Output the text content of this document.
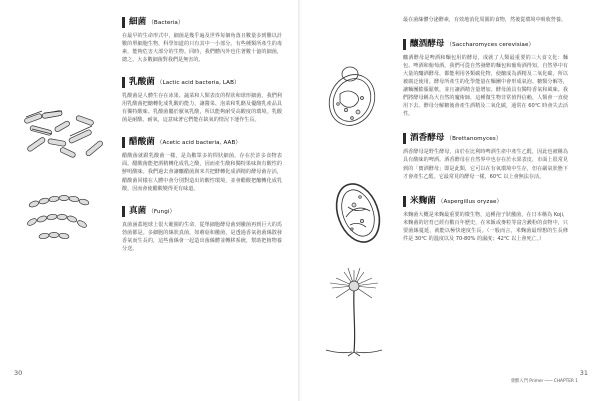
細菌 （Bacteria）

在最早的生命形式中，細菌是幾乎遍及世界每個角落且數量多到難以計數的單細胞生物，科學知道的只有其中一小部分。有些種類所產生的毒素，能夠危害大部分的生物。同時，我們體內外也住著數十億的細菌，總之，大多數細菌對我們是無害的。

乳酸菌 （Lactic acid bacteria, LAB）

乳酸菌是人體生存在冰果、蔬菜和人類表皮的桿狀和球形細菌，我們利用乳酸菌把醣轉化成乳酸的能力，讓醬菜、泡菜和乳酪及優酪乳產品具有獨特酸味。乳酸菌屬於厭氧乳酸，所以能夠耐受高酸度的環境。乳酸菌是耐酸、耐氧，這意味著它們能在缺氧的情況下運作生長。

醋酸菌 （Acetic acid bacteria, AAB）

醋酸菌就跟乳酸菌一樣，是為數眾多的桿狀細菌，存在於許多食物表面。醋酸菌能把酒精轉化成乳之酸，因而產生酸和獨特果味與有酸性的鮮明酸味。我們過去會讓釀醋菌與米共把酵轉化成酒精的酵母菌存活，醋酸菌同樣在人體中會分別對造出的酸性環境，並會醋酸把醣轉化成乳酸，因而會使醋酸變得更有味道。

真菌 （Fungi）

真菌涵蓋地球上很大範圍的生命，從單細胞酵母菌到黴菌再到巨大的馬勃菌都是。多細胞的絲狀真菌，如蘑菇和黴菌，是透過香氣孢菌絲散發香氣而生長的，這些菌絲會一起造出菌絲體並轉移系統，幫助把植物養分送。

30

最在菌絲體分泌酵素，有效地消化周圍的食物，然後從環境中吸收營養。

釀酒酵母 （Saccharomyces cerevisiae）

釀酒酵母是啤酒和麵包用的酵母，成就了人類最重要的三大食文化：麵包、啤酒和葡萄酒。我們可從自然發酵的麵包和葡萄酒得知，自然界中有大量的釀酒酵母，都能利用各類碳化物，使醣成為酒精及二氧化碳，所以被廣泛使用。酵母所產生的化學能量在麵團中會形成氣泡、糖類分解等，讓麵團膨脹鬆軟，並且讓酒精含量增加。酵母菌具有獨特香氣和風味。我們將酵母稱為大自然的魔術師，這種微生物非常值得信賴，人類會一直使用下去。酵母分解糖後會產生酒精及二氧化碳，通常在 60℃ 時會失去活性。

酒香酵母 （Brettanomyces）

酒香酵母是野生酵母，由於在比利時啤酒生產中產生乙醛，因此也被稱為具有酸味的啤酒。酒香酵母在自然界中也存在於水果表皮，市面上很常見到的「寶酒酵母」即是此類，它可以在有氧環境中生存，但在嚴氣狀態下才會產生乙醛。它最常見的酵母一樣，60℃ 以上會無法存活。

米麴菌 （Aspergillus oryzae）

米麴菌大概是米麴最重要的微生物，這種孢子狀黴菌，在日本稱為 Koji，米麴菌的培育已經有數百年歷史，在米飯或麥粒等富含澱粉的食物中，只要菌絲蔓延，就能以極快速度生長。（一般而言，米麴菌最理想的生長條件是 30℃ 的溫度以及 70-80% 的濕度；42℃ 以上會死亡。）

發酵入門 Primer ─── CHAPTER 1
31
